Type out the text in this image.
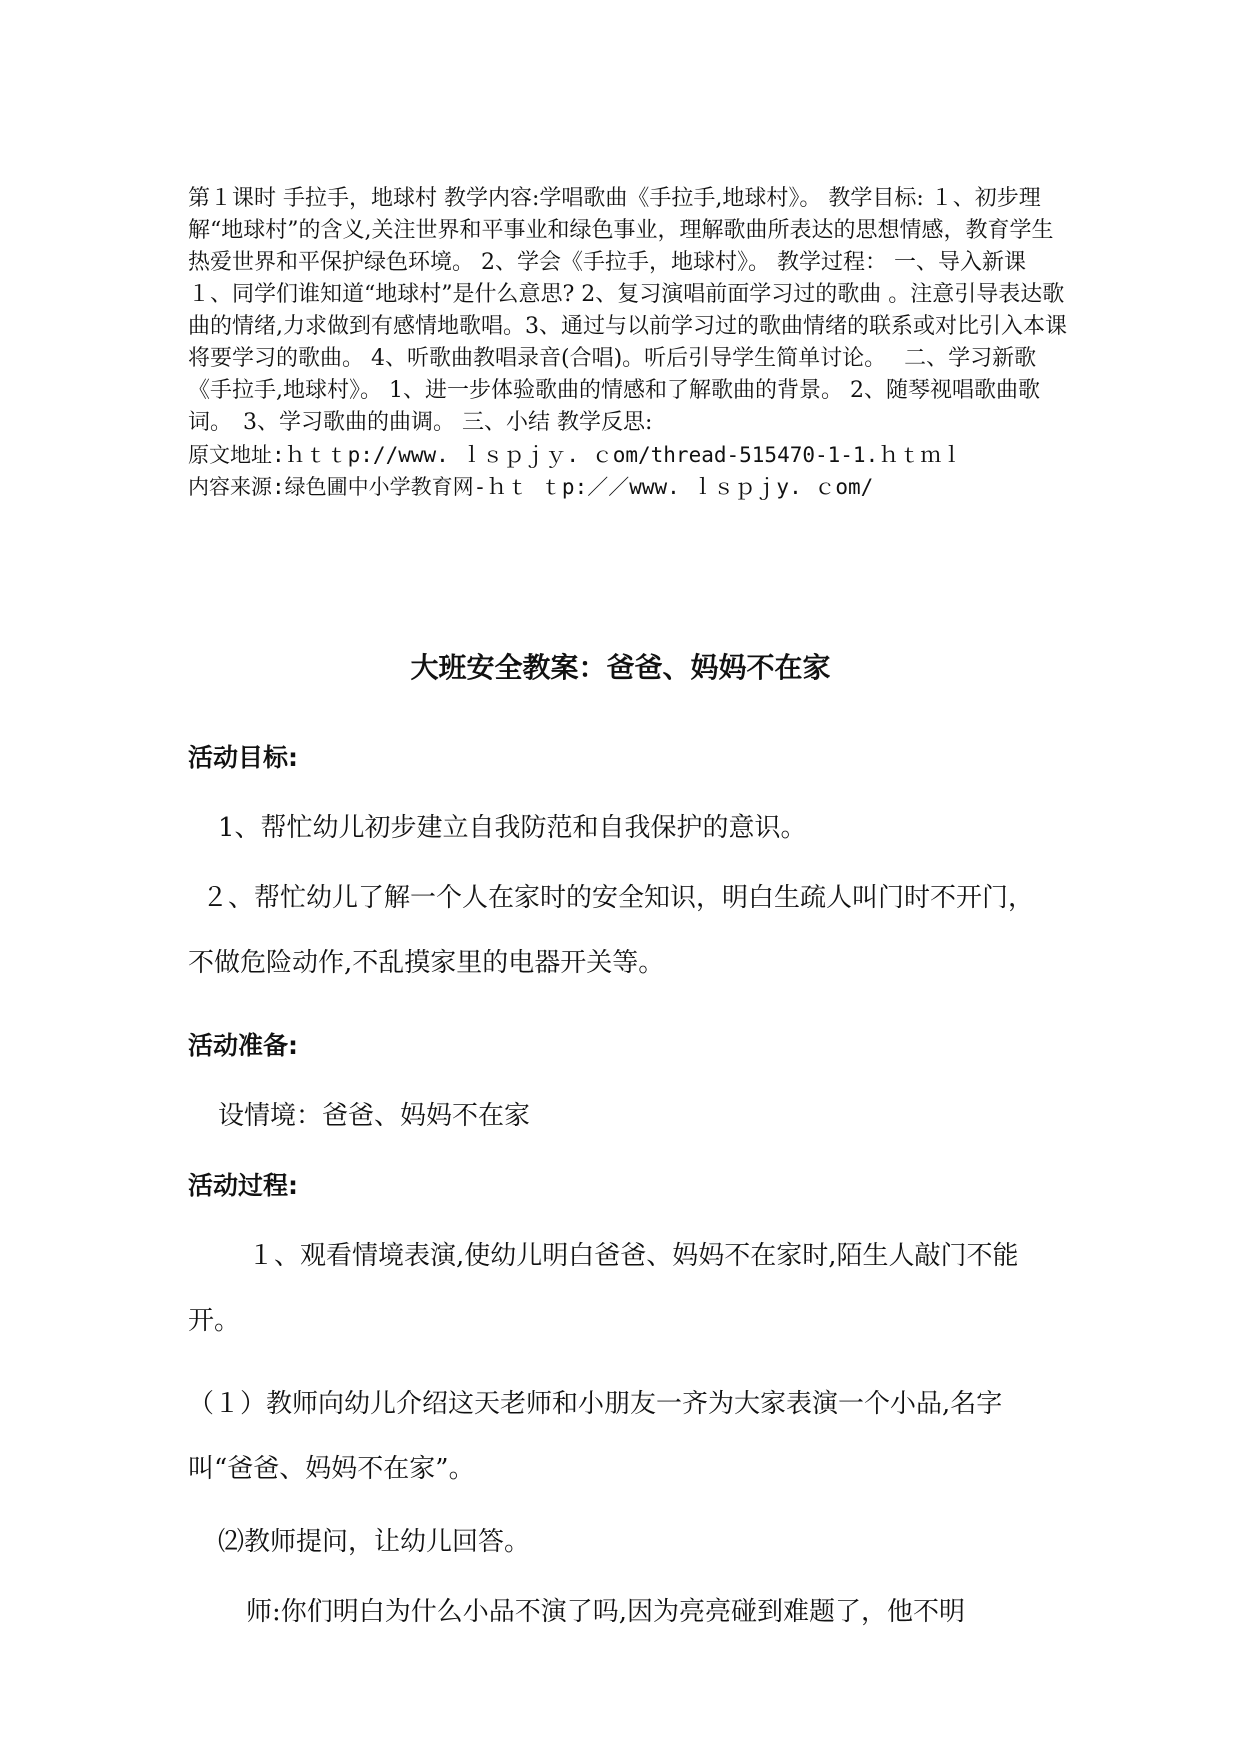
第１课时 手拉手，地球村 教学内容:学唱歌曲《手拉手,地球村》。 教学目标: １、初步理解“地球村”的含义,关注世界和平事业和绿色事业，理解歌曲所表达的思想情感，教育学生热爱世界和平保护绿色环境。 2、学会《手拉手，地球村》。 教学过程： 一、导入新课 １、同学们谁知道“地球村”是什么意思? 2、复习演唱前面学习过的歌曲 。注意引导表达歌曲的情绪,力求做到有感情地歌唱。3、通过与以前学习过的歌曲情绪的联系或对比引入本课将要学习的歌曲。 4、听歌曲教唱录音(合唱)。听后引导学生简单讨论。　 二、学习新歌《手拉手,地球村》。 1、进一步体验歌曲的情感和了解歌曲的背景。 2、随琴视唱歌曲歌词。　3、学习歌曲的曲调。 三、小结 教学反思:

原文地址:ｈｔｔp://www. ｌｓｐｊｙ. ｃom/thread-515470-1-1.ｈｔｍｌ

内容来源:绿色圃中小学教育网-ｈｔ ｔp:／／www. ｌｓｐｊy. ｃom/

大班安全教案：爸爸、妈妈不在家

活动目标:

1、帮忙幼儿初步建立自我防范和自我保护的意识。

２、帮忙幼儿了解一个人在家时的安全知识，明白生疏人叫门时不开门，不做危险动作,不乱摸家里的电器开关等。

活动准备:

设情境：爸爸、妈妈不在家

活动过程:

１、观看情境表演,使幼儿明白爸爸、妈妈不在家时,陌生人敲门不能开。

（１）教师向幼儿介绍这天老师和小朋友一齐为大家表演一个小品,名字叫“爸爸、妈妈不在家”。

⑵教师提问，让幼儿回答。

师:你们明白为什么小品不演了吗,因为亮亮碰到难题了，他不明
